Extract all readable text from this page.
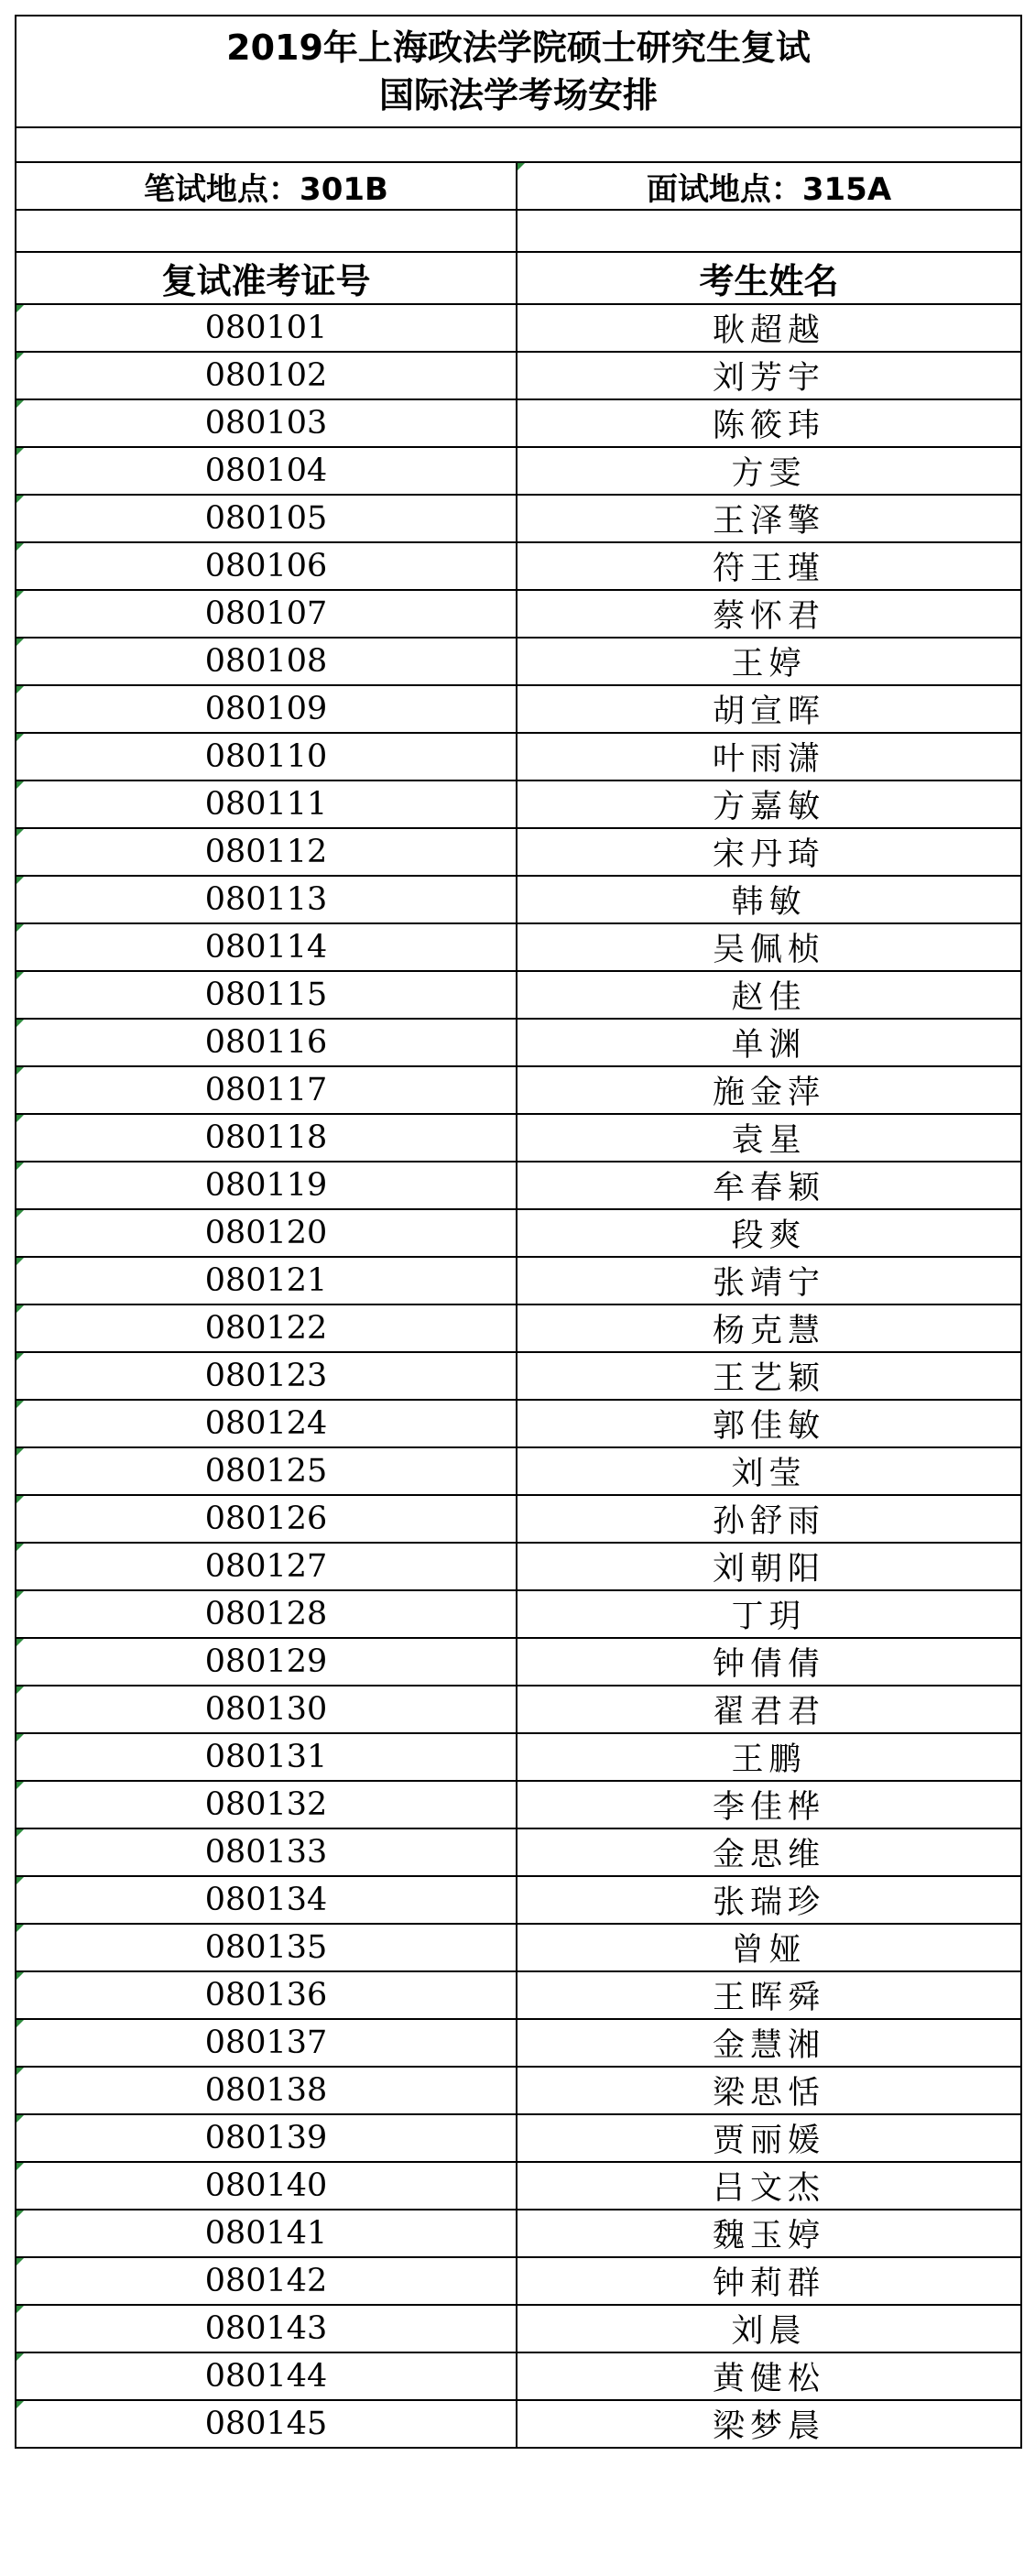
2019年上海政法学院硕士研究生复试
国际法学考场安排	

笔试地点：301B	面试地点：315A

复试准考证号	考生姓名

080101	耿超越

080102	刘芳宇

080103	陈筱玮

080104	方雯

080105	王泽擎

080106	符王瑾

080107	蔡怀君

080108	王婷

080109	胡宣晖

080110	叶雨潇

080111	方嘉敏

080112	宋丹琦

080113	韩敏

080114	吴佩桢

080115	赵佳

080116	单渊

080117	施金萍

080118	袁星

080119	牟春颖

080120	段爽

080121	张靖宁

080122	杨克慧

080123	王艺颖

080124	郭佳敏

080125	刘莹

080126	孙舒雨

080127	刘朝阳

080128	丁玥

080129	钟倩倩

080130	翟君君

080131	王鹏

080132	李佳桦

080133	金思维

080134	张瑞珍

080135	曾娅

080136	王晖舜

080137	金慧湘

080138	梁思恬

080139	贾丽媛

080140	吕文杰

080141	魏玉婷

080142	钟莉群

080143	刘晨

080144	黄健松

080145	梁梦晨
